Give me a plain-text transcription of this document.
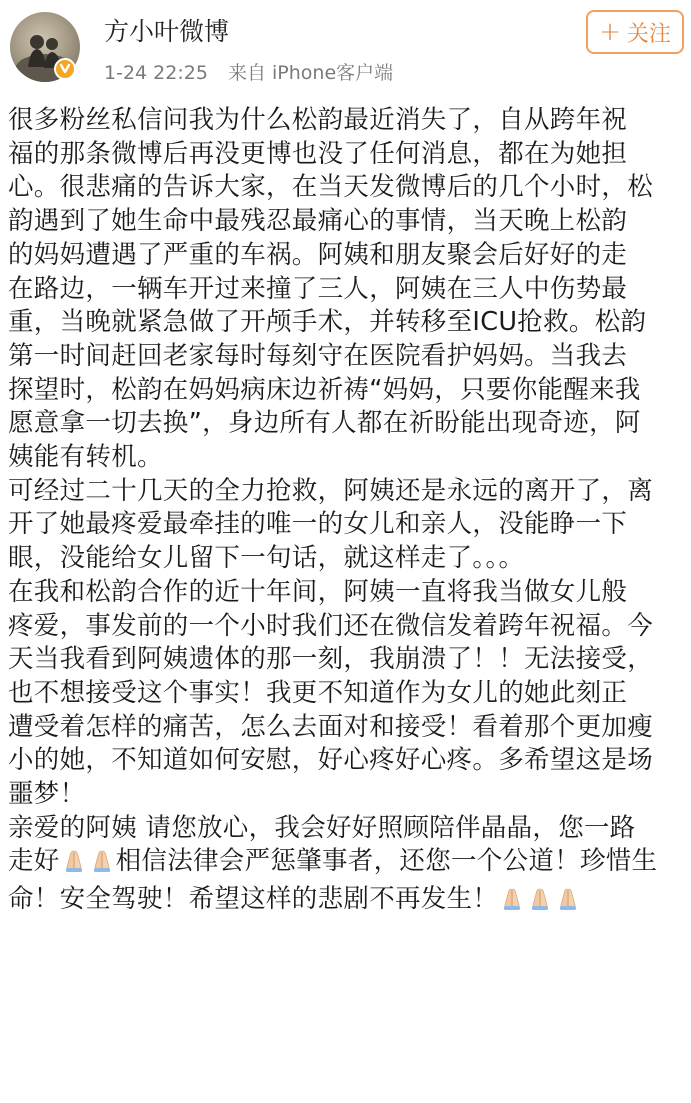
方小叶微博
1-24 22:25 来自 iPhone客户端
+ 关注

很多粉丝私信问我为什么松韵最近消失了，自从跨年祝
福的那条微博后再没更博也没了任何消息，都在为她担
心。很悲痛的告诉大家，在当天发微博后的几个小时，松
韵遇到了她生命中最残忍最痛心的事情，当天晚上松韵
的妈妈遭遇了严重的车祸。阿姨和朋友聚会后好好的走
在路边，一辆车开过来撞了三人，阿姨在三人中伤势最
重，当晚就紧急做了开颅手术，并转移至ICU抢救。松韵
第一时间赶回老家每时每刻守在医院看护妈妈。当我去
探望时，松韵在妈妈病床边祈祷“妈妈，只要你能醒来我
愿意拿一切去换”，身边所有人都在祈盼能出现奇迹，阿
姨能有转机。

可经过二十几天的全力抢救，阿姨还是永远的离开了，离
开了她最疼爱最牵挂的唯一的女儿和亲人，没能睁一下
眼，没能给女儿留下一句话，就这样走了。。。

在我和松韵合作的近十年间，阿姨一直将我当做女儿般
疼爱，事发前的一个小时我们还在微信发着跨年祝福。今
天当我看到阿姨遗体的那一刻，我崩溃了！！无法接受，
也不想接受这个事实！我更不知道作为女儿的她此刻正
遭受着怎样的痛苦，怎么去面对和接受！看着那个更加瘦
小的她，不知道如何安慰，好心疼好心疼。多希望这是场
噩梦！

亲爱的阿姨 请您放心，我会好好照顾陪伴晶晶，您一路
走好 相信法律会严惩肇事者，还您一个公道！珍惜生
命！安全驾驶！希望这样的悲剧不再发生！
